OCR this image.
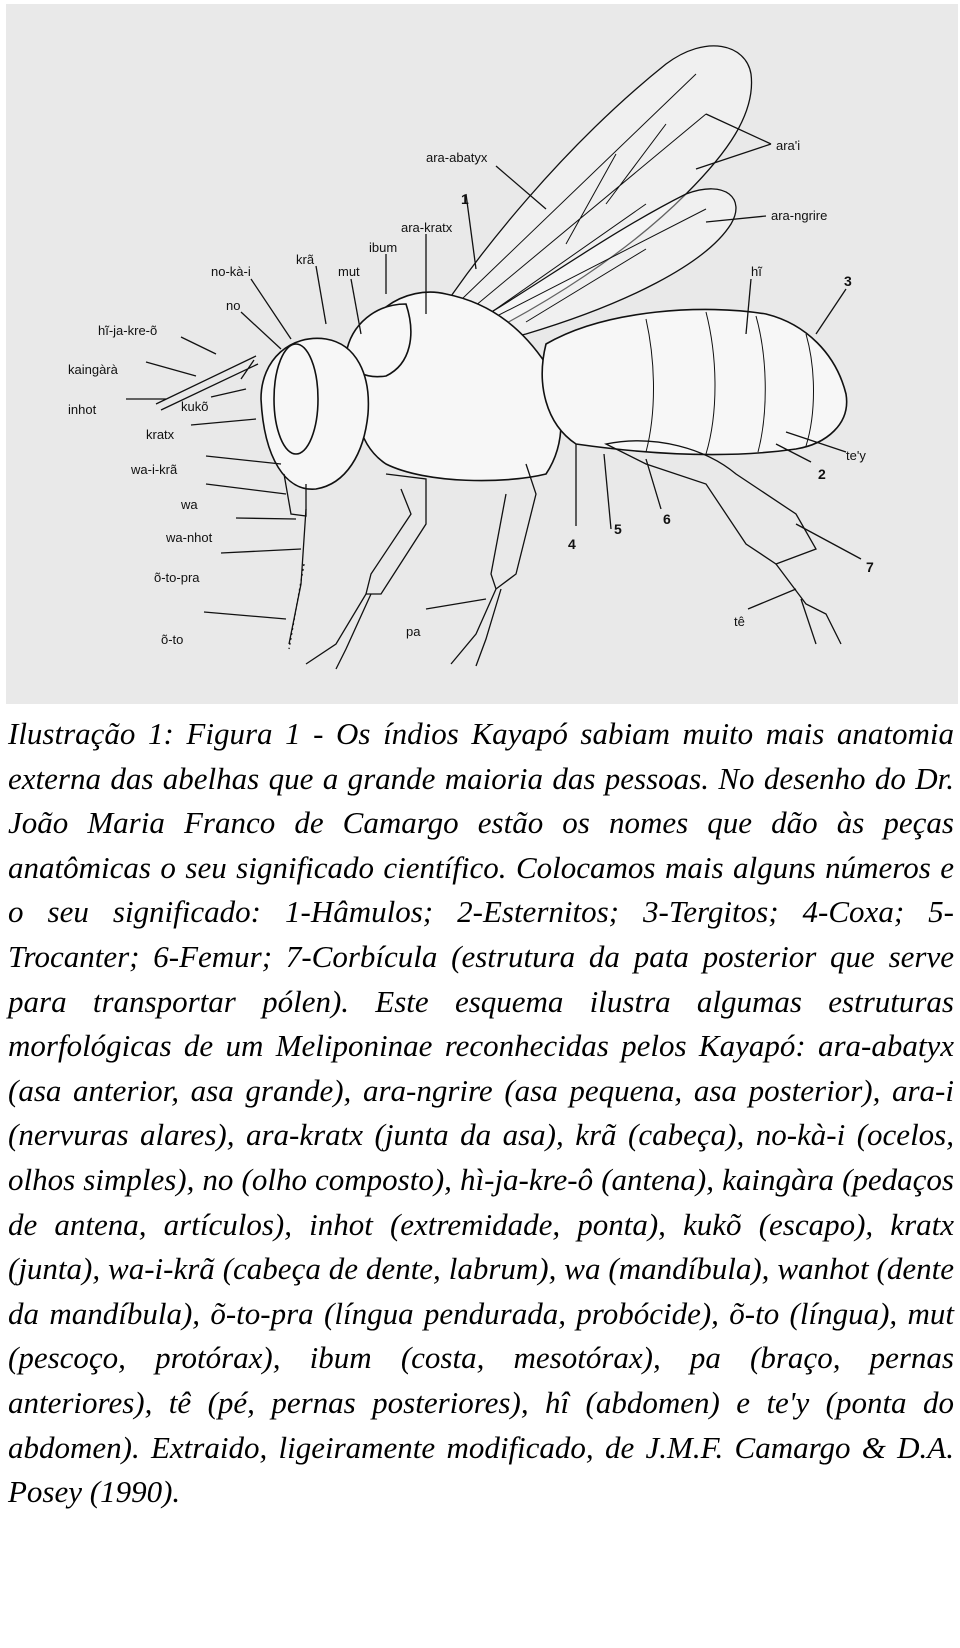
ara-abatyx
ara'i
ara-ngrire
ara-kratx
ibum
krã
mut
no-kà-i
no
hĩ-ja-kre-õ
kaingàrà
inhot	kukõ
kratx
wa-i-krã
wa
wa-nhot
õ-to-pra
õ-to
pa
hĩ
te'y
tê
1
2
3
4
5
6
7

Ilustração 1: Figura 1 - Os índios Kayapó sabiam muito mais anatomia externa das abelhas que a grande maioria das pessoas. No desenho do Dr. João Maria Franco de Camargo estão os nomes que dão às peças anatômicas o seu significado científico. Colocamos mais alguns números e o seu significado: 1-Hâmulos; 2-Esternitos; 3-Tergitos; 4-Coxa; 5-Trocanter; 6-Femur; 7-Corbícula (estrutura da pata posterior que serve para transportar pólen). Este esquema ilustra algumas estruturas morfológicas de um Meliponinae reconhecidas pelos Kayapó: ara-abatyx (asa anterior, asa grande), ara-ngrire (asa pequena, asa posterior), ara-i (nervuras alares), ara-kratx (junta da asa), krã (cabeça), no-kà-i (ocelos, olhos simples), no (olho composto), hì-ja-kre-ô (antena), kaingàra (pedaços de antena, artículos), inhot (extremidade, ponta), kukõ (escapo), kratx (junta), wa-i-krã (cabeça de dente, labrum), wa (mandíbula), wanhot (dente da mandíbula), õ-to-pra (língua pendurada, probócide), õ-to (língua), mut (pescoço, protórax), ibum (costa, mesotórax), pa (braço, pernas anteriores), tê (pé, pernas posteriores), hî (abdomen) e te'y (ponta do abdomen). Extraido, ligeiramente modificado, de J.M.F. Camargo & D.A. Posey (1990).
